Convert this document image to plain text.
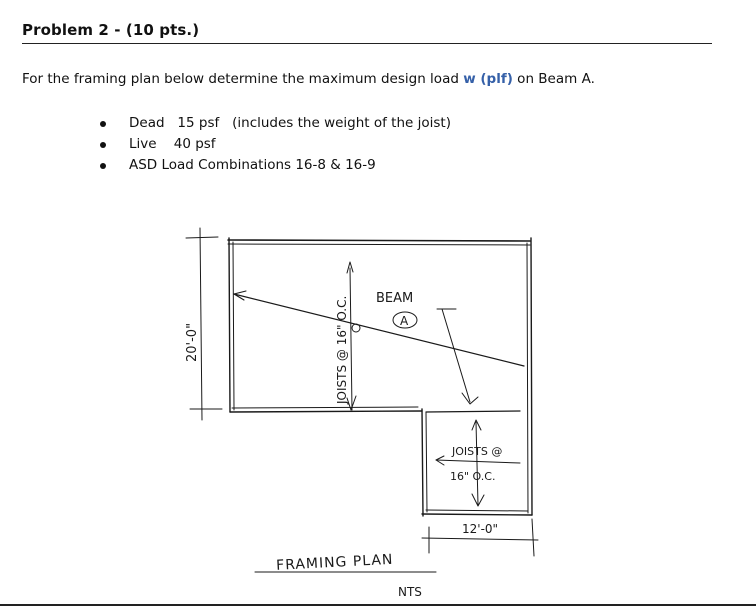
Problem 2 - (10 pts.)
For the framing plan below determine the maximum design load w (plf) on Beam A.
Dead   15 psf   (includes the weight of the joist)
Live    40 psf
ASD Load Combinations 16-8 & 16-9
20'-0"	JOISTS @ 16" O.C. BEAM
A
JOISTS @
16" O.C.
12'-0"
FRAMING PLAN
NTS
